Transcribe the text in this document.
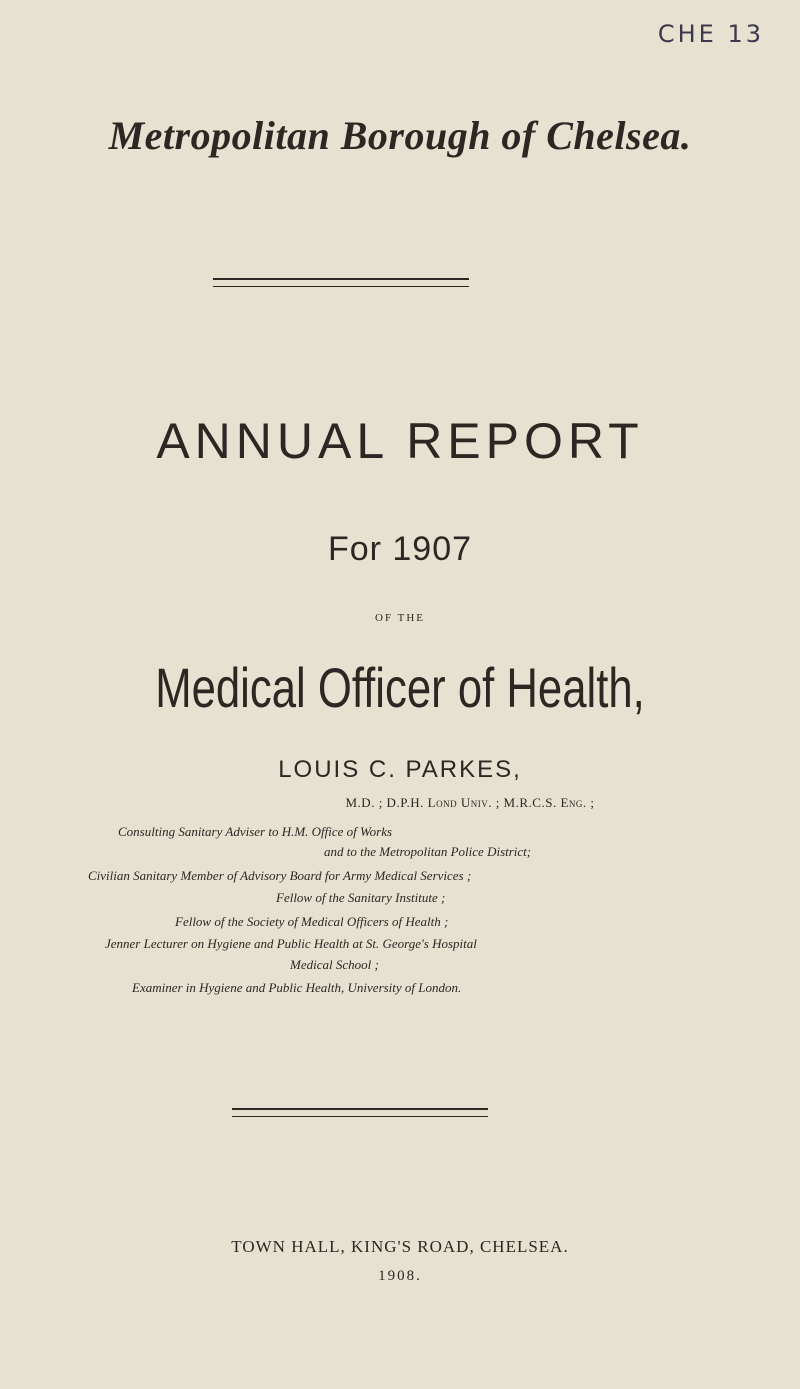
CHE 13
Metropolitan Borough of Chelsea.
ANNUAL REPORT
For 1907
OF THE
Medical Officer of Health,
LOUIS C. PARKES,
M.D. ; D.P.H. Lond Univ. ; M.R.C.S. Eng. ;
Consulting Sanitary Adviser to H.M. Office of Works
and to the Metropolitan Police District;
Civilian Sanitary Member of Advisory Board for Army Medical Services ;
Fellow of the Sanitary Institute ;
Fellow of the Society of Medical Officers of Health ;
Jenner Lecturer on Hygiene and Public Health at St. George's Hospital
Medical School ;
Examiner in Hygiene and Public Health, University of London.
TOWN HALL, KING'S ROAD, CHELSEA.
1908.
